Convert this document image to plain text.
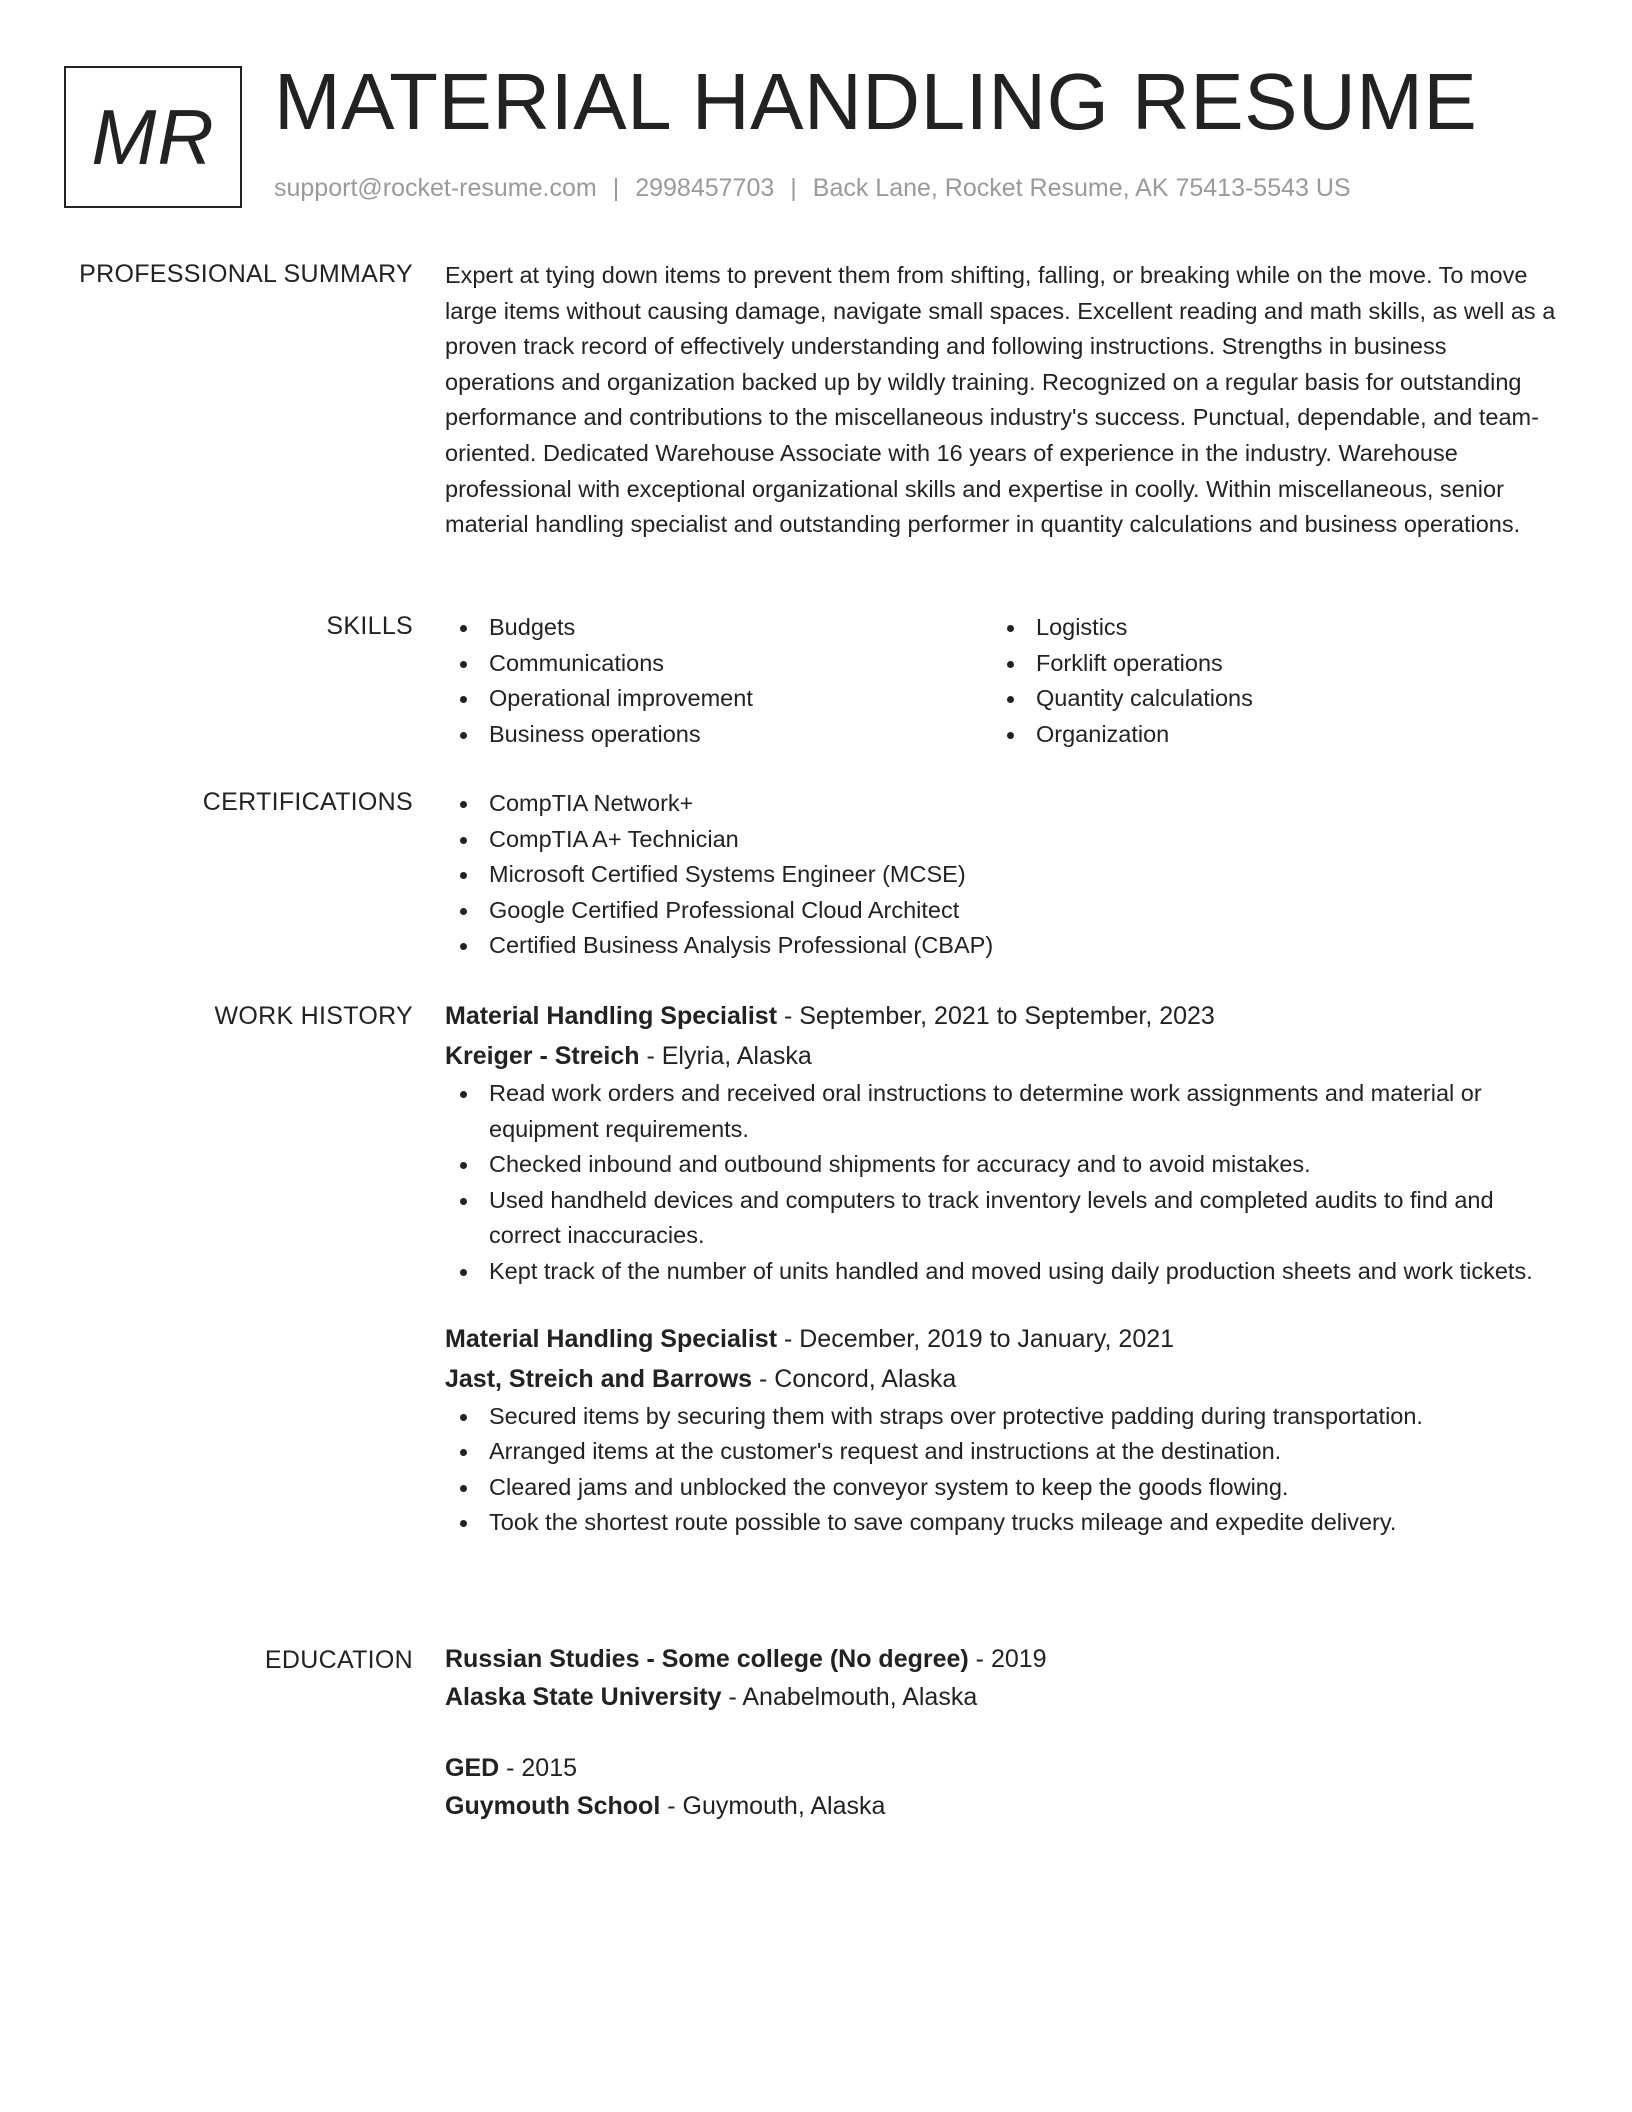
MR MATERIAL HANDLING RESUME
support@rocket-resume.com | 2998457703 | Back Lane, Rocket Resume, AK 75413-5543 US
PROFESSIONAL SUMMARY Expert at tying down items to prevent them from shifting, falling, or breaking while on the move. To move large items without causing damage, navigate small spaces. Excellent reading and math skills, as well as a proven track record of effectively understanding and following instructions. Strengths in business operations and organization backed up by wildly training. Recognized on a regular basis for outstanding performance and contributions to the miscellaneous industry's success. Punctual, dependable, and team-oriented. Dedicated Warehouse Associate with 16 years of experience in the industry. Warehouse professional with exceptional organizational skills and expertise in coolly. Within miscellaneous, senior material handling specialist and outstanding performer in quantity calculations and business operations.

SKILLS	Budgets
Communications
Operational improvement
Business operations
Logistics
Forklift operations
Quantity calculations
Organization
CERTIFICATIONS	CompTIA Network+
CompTIA A+ Technician
Microsoft Certified Systems Engineer (MCSE)
Google Certified Professional Cloud Architect
Certified Business Analysis Professional (CBAP)
WORK HISTORY Material Handling Specialist - September, 2021 to September, 2023
Kreiger - Streich - Elyria, Alaska
Read work orders and received oral instructions to determine work assignments and material or equipment requirements.
Checked inbound and outbound shipments for accuracy and to avoid mistakes.
Used handheld devices and computers to track inventory levels and completed audits to find and correct inaccuracies.
Kept track of the number of units handled and moved using daily production sheets and work tickets.
Material Handling Specialist - December, 2019 to January, 2021
Jast, Streich and Barrows - Concord, Alaska
Secured items by securing them with straps over protective padding during transportation.
Arranged items at the customer's request and instructions at the destination.
Cleared jams and unblocked the conveyor system to keep the goods flowing.
Took the shortest route possible to save company trucks mileage and expedite delivery.
EDUCATION Russian Studies - Some college (No degree) - 2019
Alaska State University - Anabelmouth, Alaska
GED - 2015
Guymouth School - Guymouth, Alaska
